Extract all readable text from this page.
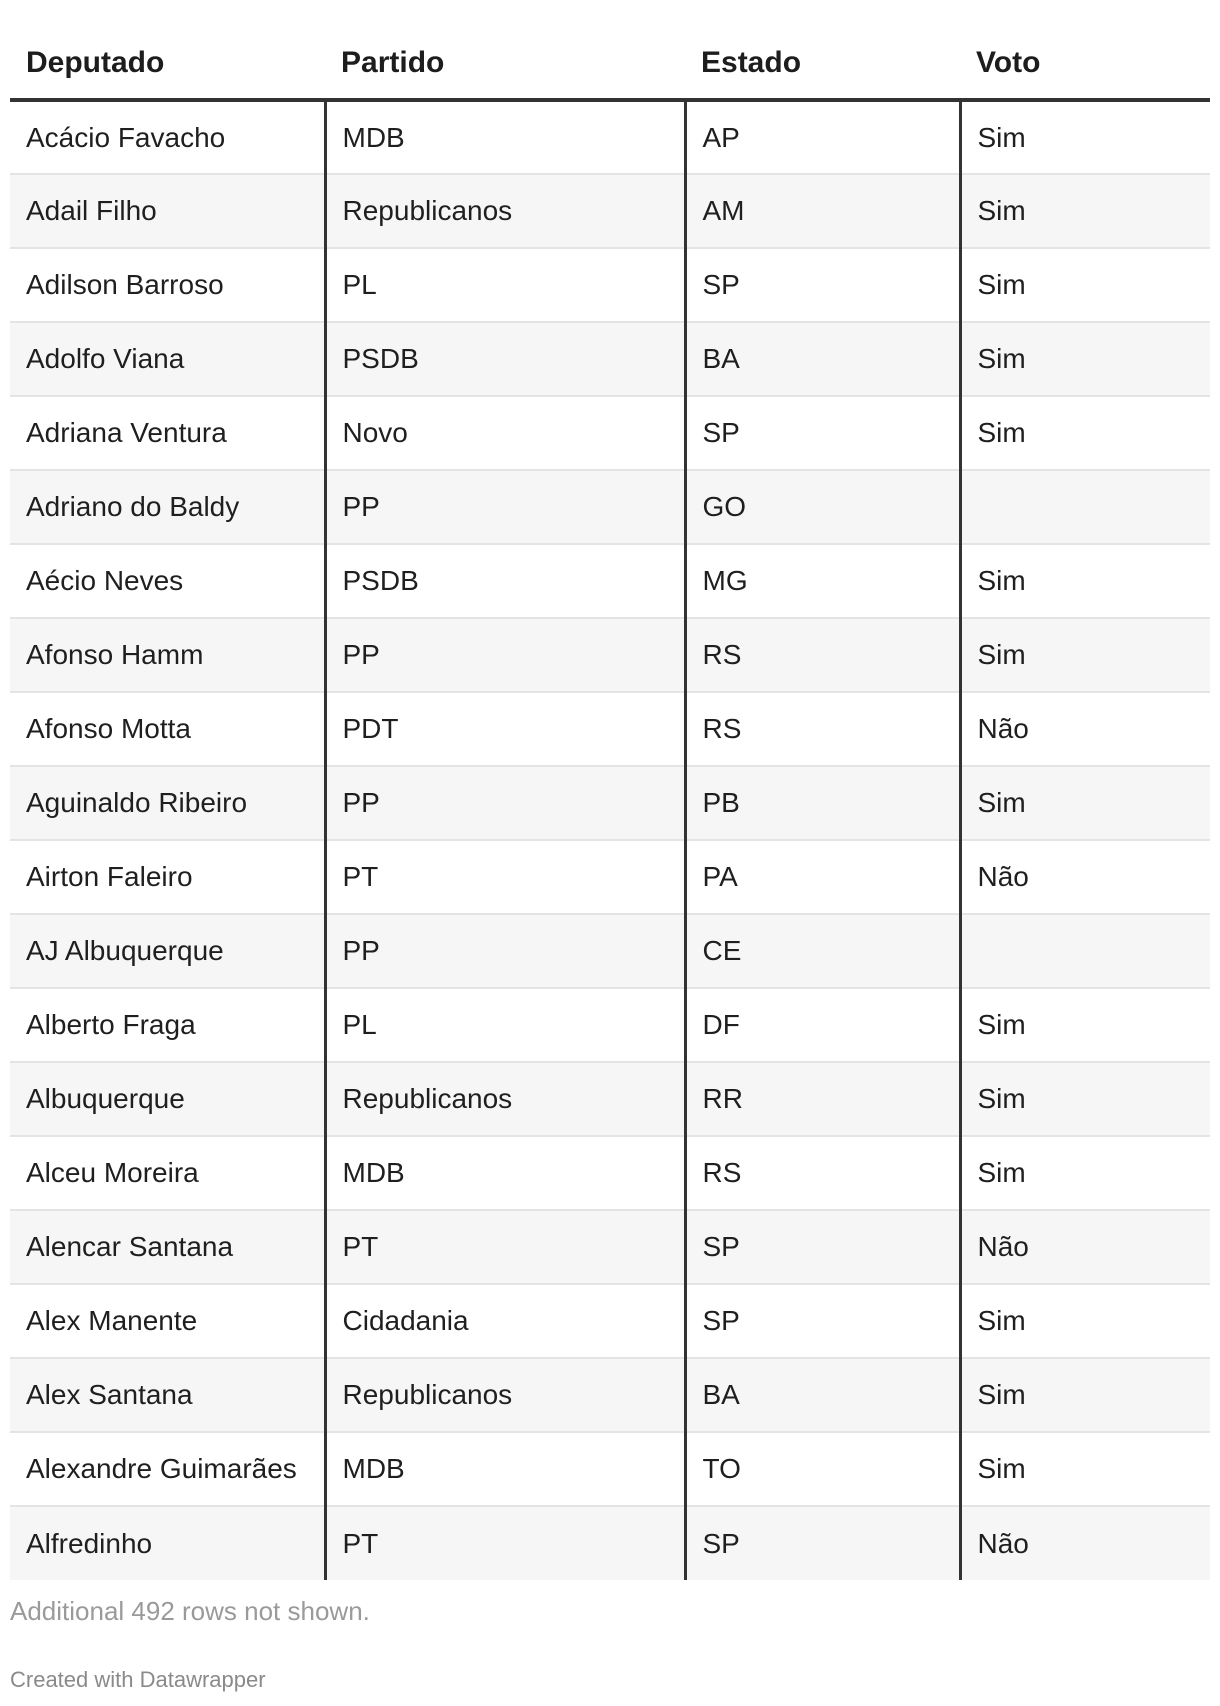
Deputado	Partido	Estado	Voto
Acácio Favacho	MDB	AP	Sim
Adail Filho	Republicanos	AM	Sim
Adilson Barroso	PL	SP	Sim
Adolfo Viana	PSDB	BA	Sim
Adriana Ventura	Novo	SP	Sim
Adriano do Baldy	PP	GO	
Aécio Neves	PSDB	MG	Sim
Afonso Hamm	PP	RS	Sim
Afonso Motta	PDT	RS	Não
Aguinaldo Ribeiro	PP	PB	Sim
Airton Faleiro	PT	PA	Não
AJ Albuquerque	PP	CE	
Alberto Fraga	PL	DF	Sim
Albuquerque	Republicanos	RR	Sim
Alceu Moreira	MDB	RS	Sim
Alencar Santana	PT	SP	Não
Alex Manente	Cidadania	SP	Sim
Alex Santana	Republicanos	BA	Sim
Alexandre Guimarães	MDB	TO	Sim
Alfredinho	PT	SP	Não

Additional 492 rows not shown.

Created with Datawrapper
